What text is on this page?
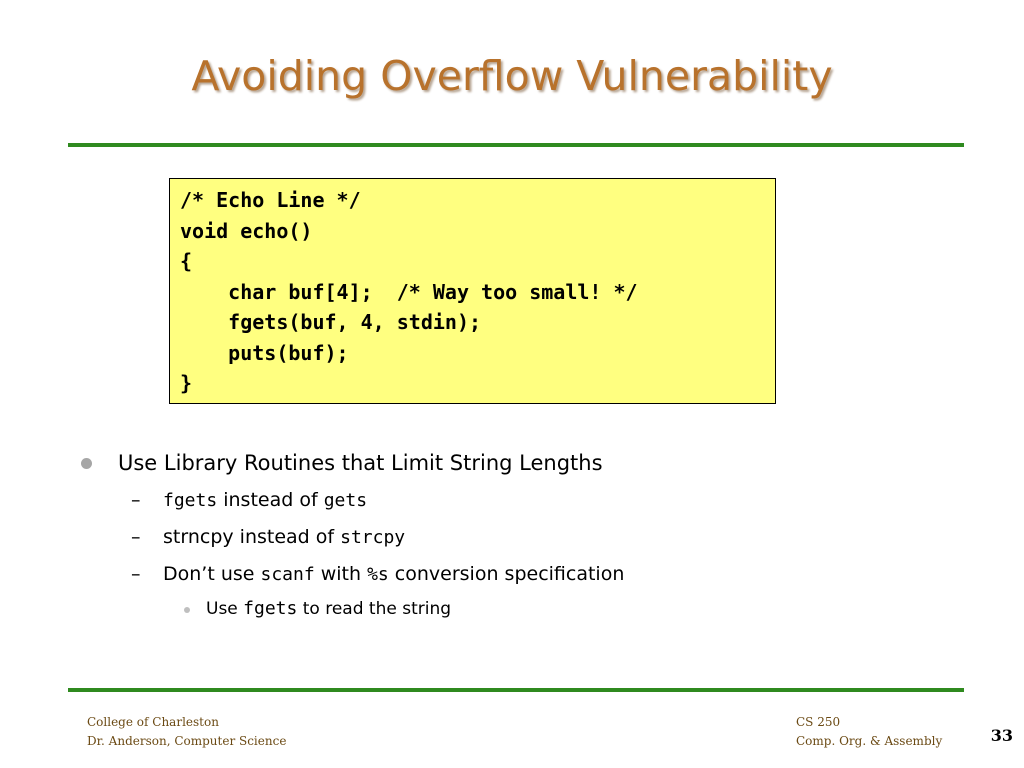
Avoiding Overflow Vulnerability
/* Echo Line */
void echo()
{
char buf[4];  /* Way too small! */
fgets(buf, 4, stdin);
puts(buf);
}
Use Library Routines that Limit String Lengths
– fgets instead of gets
– strncpy instead of strcpy
– Don’t use scanf with %s conversion specification
Use fgets to read the string
College of Charleston
Dr. Anderson, Computer Science
CS 250
Comp. Org. & Assembly	33
